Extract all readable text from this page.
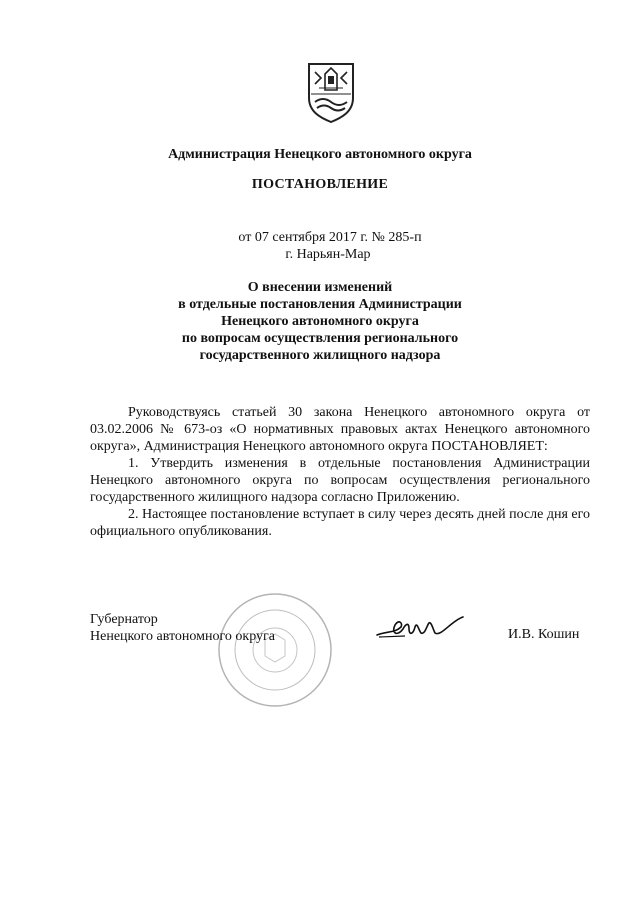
Администрация Ненецкого автономного округа
ПОСТАНОВЛЕНИЕ
от 07 сентября 2017 г. № 285-п
г. Нарьян-Мар
О внесении изменений
в отдельные постановления Администрации
Ненецкого автономного округа
по вопросам осуществления регионального
государственного жилищного надзора

Руководствуясь статьей 30 закона Ненецкого автономного округа от 03.02.2006 № 673-оз «О нормативных правовых актах Ненецкого автономного округа», Администрация Ненецкого автономного округа ПОСТАНОВЛЯЕТ:

1. Утвердить изменения в отдельные постановления Администрации Ненецкого автономного округа по вопросам осуществления регионального государственного жилищного надзора согласно Приложению.

2. Настоящее постановление вступает в силу через десять дней после дня его официального опубликования.

Губернатор
Ненецкого автономного округа	И.В. Кошин
